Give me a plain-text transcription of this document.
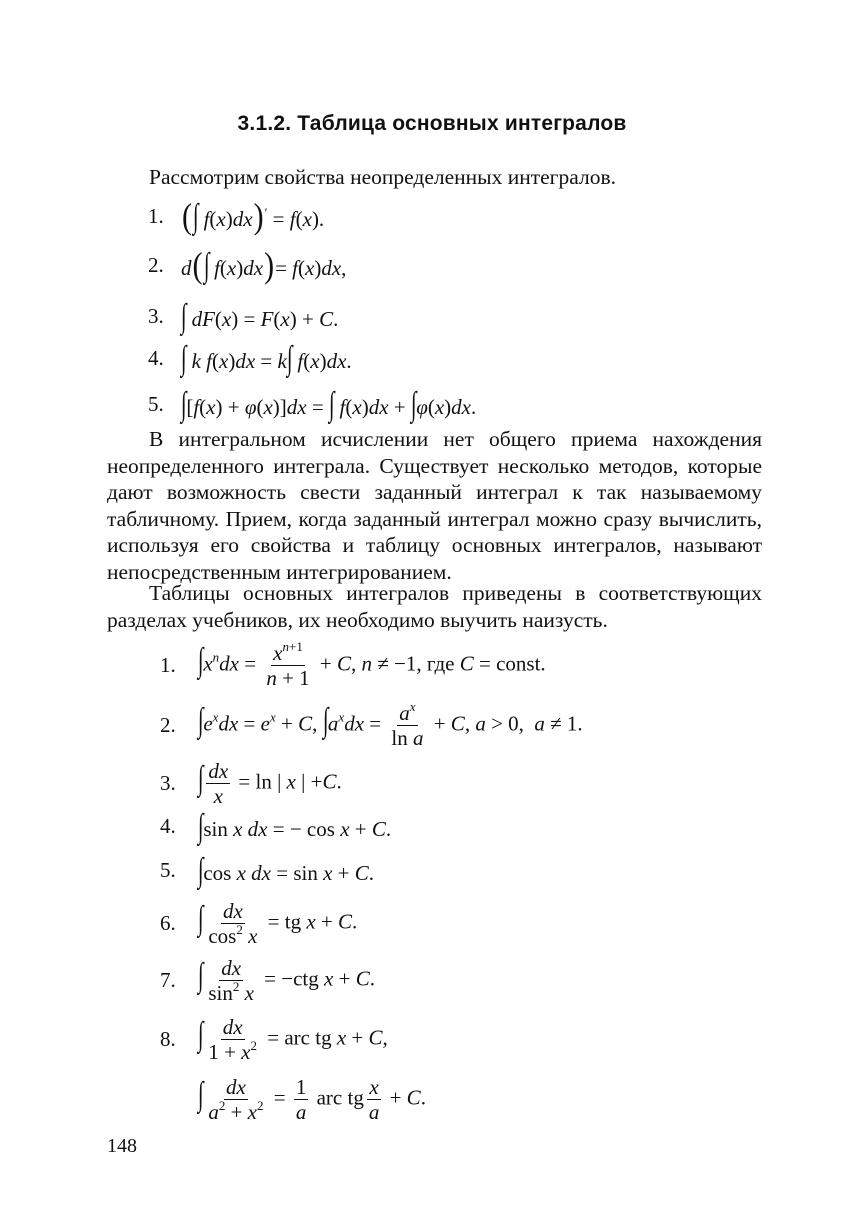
3.1.2. Таблица основных интегралов
Рассмотрим свойства неопределенных интегралов.
1. (∫ f(x)dx)′ = f(x).
2. d(∫ f(x)dx)= f(x)dx,
3. ∫ dF(x) = F(x) + C.
4. ∫ k f(x)dx = k∫ f(x)dx.
5. ∫[f(x) + φ(x)]dx = ∫ f(x)dx + ∫φ(x)dx.
В интегральном исчислении нет общего приема нахождения неопределенного интеграла. Существует несколько методов, которые дают возможность свести заданный интеграл к так называемому табличному. Прием, когда заданный интеграл можно сразу вычислить, используя его свойства и таблицу основных интегралов, называют непосредственным интегрированием.
Таблицы основных интегралов приведены в соответствующих разделах учебников, их необходимо выучить наизусть.
1. $\int x^ndx = \frac{x^{n+1}}{n + 1} + C$, n ≠ −1, где C = const.
2. $\int e^xdx = e^x + C$, $\int a^xdx = \frac{a^x}{\text{ln a}} + C$, a > 0,  a ≠ 1.
3. ∫ $\frac{dx}{x} = \ln$ | x | +C.
4. ∫sin x dx = − cos x + C.
5. ∫cos x dx = sin x + C.
6. ∫ $\frac{dx}{\cos^2 x}$ = tg x + C.
7. ∫ $\frac{dx}{\sin^2 x} = -ctg$ x + C.
8. ∫ $\frac{dx}{1 + x^2}$ = arc tg x + C,
∫ $\frac{dx}{a^2 + x^2} = \frac{1}{a}$ arc tg $\frac{x}{a} + C$.
148
